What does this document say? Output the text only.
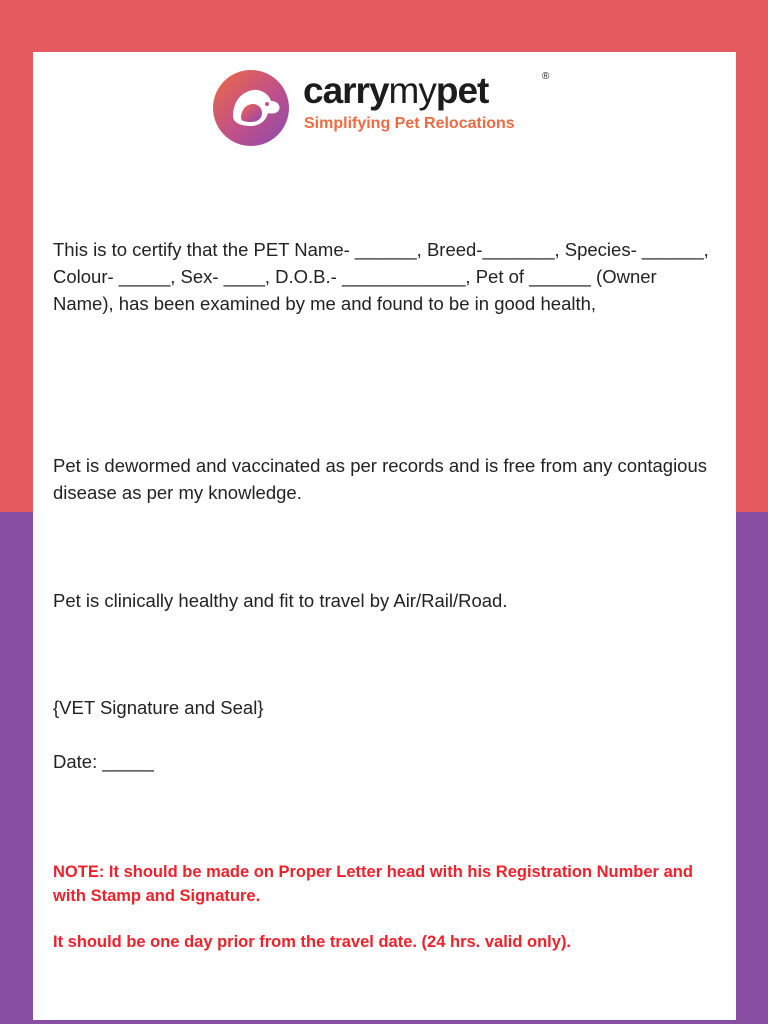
carrymypet	®
Simplifying Pet Relocations

This is to certify that the PET Name- ______, Breed-_______, Species- ______, Colour- _____, Sex- ____, D.O.B.- ____________, Pet of ______ (Owner Name), has been examined by me and found to be in good health,

Pet is dewormed and vaccinated as per records and is free from any contagious disease as per my knowledge.

Pet is clinically healthy and fit to travel by Air/Rail/Road.

{VET Signature and Seal}

Date: _____

NOTE: It should be made on Proper Letter head with his Registration Number and with Stamp and Signature.

It should be one day prior from the travel date. (24 hrs. valid only).
